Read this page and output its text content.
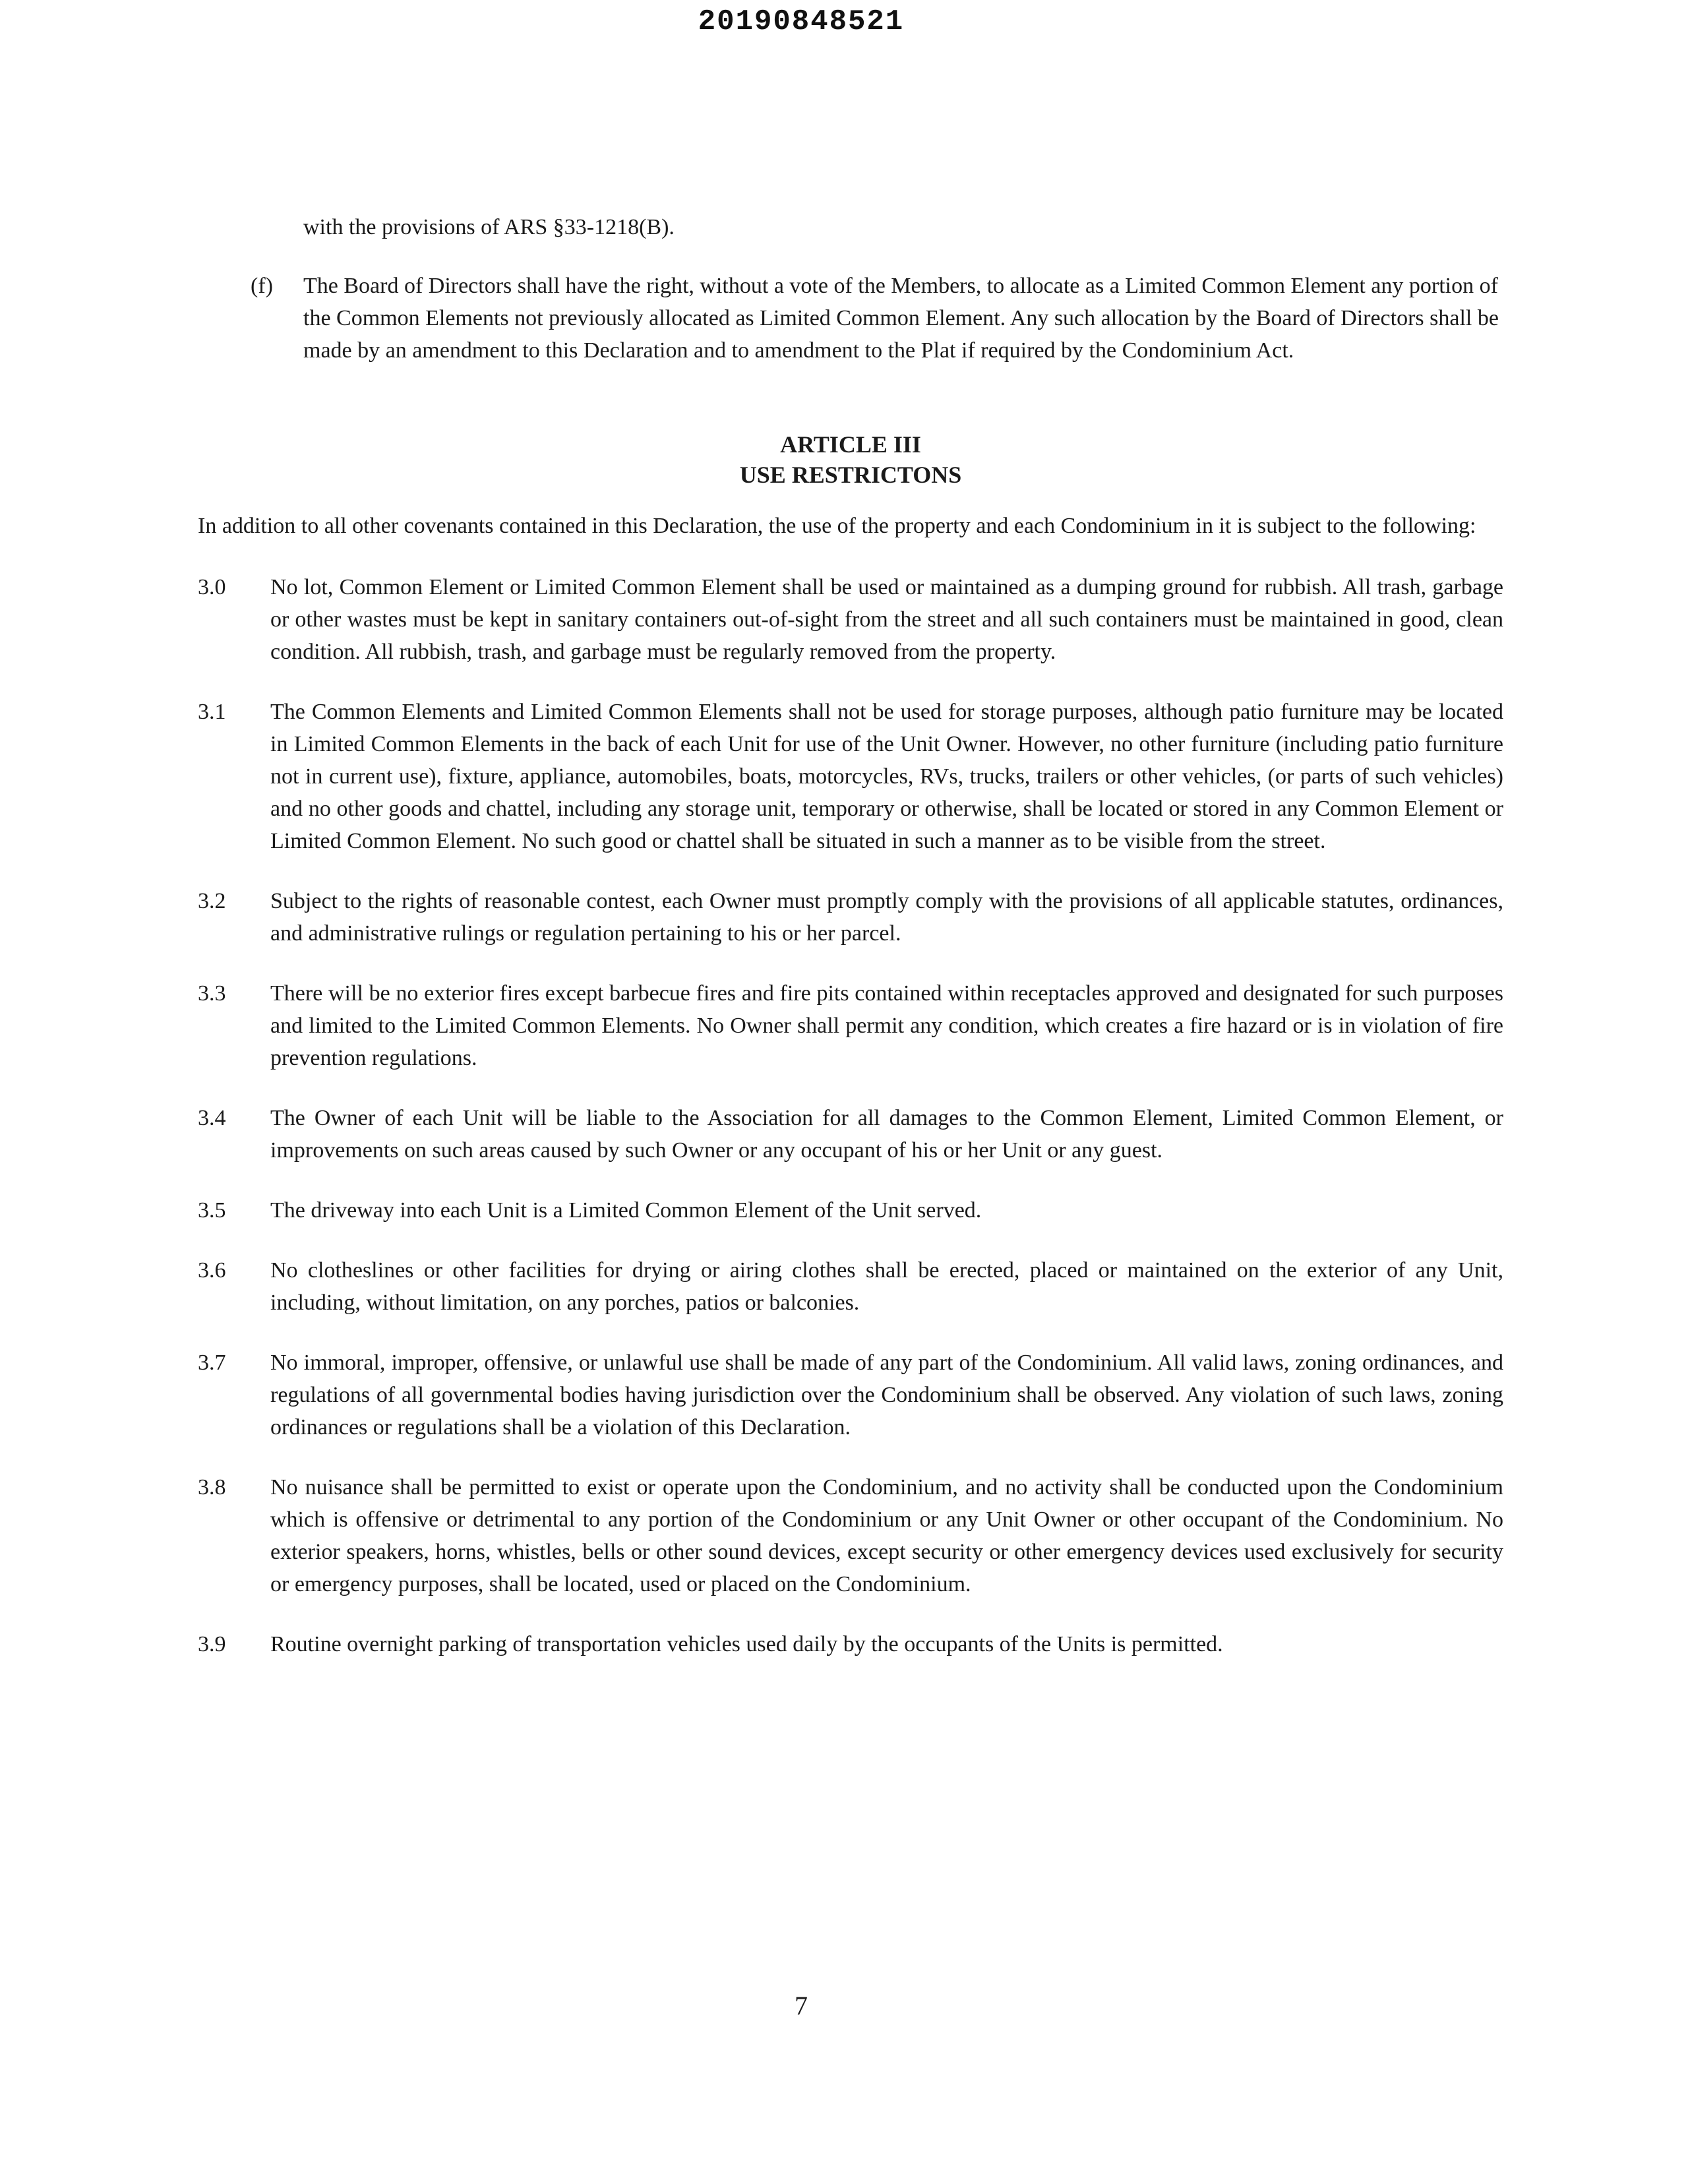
20190848521

with the provisions of ARS §33-1218(B).

(f)	The Board of Directors shall have the right, without a vote of the Members, to allocate as a Limited Common Element any portion of the Common Elements not previously allocated as Limited Common Element. Any such allocation by the Board of Directors shall be made by an amendment to this Declaration and to amendment to the Plat if required by the Condominium Act.
ARTICLE III
USE RESTRICTONS

In addition to all other covenants contained in this Declaration, the use of the property and each Condominium in it is subject to the following:

3.0	No lot, Common Element or Limited Common Element shall be used or maintained as a dumping ground for rubbish. All trash, garbage or other wastes must be kept in sanitary containers out-of-sight from the street and all such containers must be maintained in good, clean condition. All rubbish, trash, and garbage must be regularly removed from the property.
3.1	The Common Elements and Limited Common Elements shall not be used for storage purposes, although patio furniture may be located in Limited Common Elements in the back of each Unit for use of the Unit Owner. However, no other furniture (including patio furniture not in current use), fixture, appliance, automobiles, boats, motorcycles, RVs, trucks, trailers or other vehicles, (or parts of such vehicles) and no other goods and chattel, including any storage unit, temporary or otherwise, shall be located or stored in any Common Element or Limited Common Element. No such good or chattel shall be situated in such a manner as to be visible from the street.
3.2	Subject to the rights of reasonable contest, each Owner must promptly comply with the provisions of all applicable statutes, ordinances, and administrative rulings or regulation pertaining to his or her parcel.
3.3	There will be no exterior fires except barbecue fires and fire pits contained within receptacles approved and designated for such purposes and limited to the Limited Common Elements. No Owner shall permit any condition, which creates a fire hazard or is in violation of fire prevention regulations.
3.4	The Owner of each Unit will be liable to the Association for all damages to the Common Element, Limited Common Element, or improvements on such areas caused by such Owner or any occupant of his or her Unit or any guest.
3.5	The driveway into each Unit is a Limited Common Element of the Unit served.
3.6	No clotheslines or other facilities for drying or airing clothes shall be erected, placed or maintained on the exterior of any Unit, including, without limitation, on any porches, patios or balconies.
3.7	No immoral, improper, offensive, or unlawful use shall be made of any part of the Condominium. All valid laws, zoning ordinances, and regulations of all governmental bodies having jurisdiction over the Condominium shall be observed. Any violation of such laws, zoning ordinances or regulations shall be a violation of this Declaration.
3.8	No nuisance shall be permitted to exist or operate upon the Condominium, and no activity shall be conducted upon the Condominium which is offensive or detrimental to any portion of the Condominium or any Unit Owner or other occupant of the Condominium. No exterior speakers, horns, whistles, bells or other sound devices, except security or other emergency devices used exclusively for security or emergency purposes, shall be located, used or placed on the Condominium.
3.9	Routine overnight parking of transportation vehicles used daily by the occupants of the Units is permitted.
7
